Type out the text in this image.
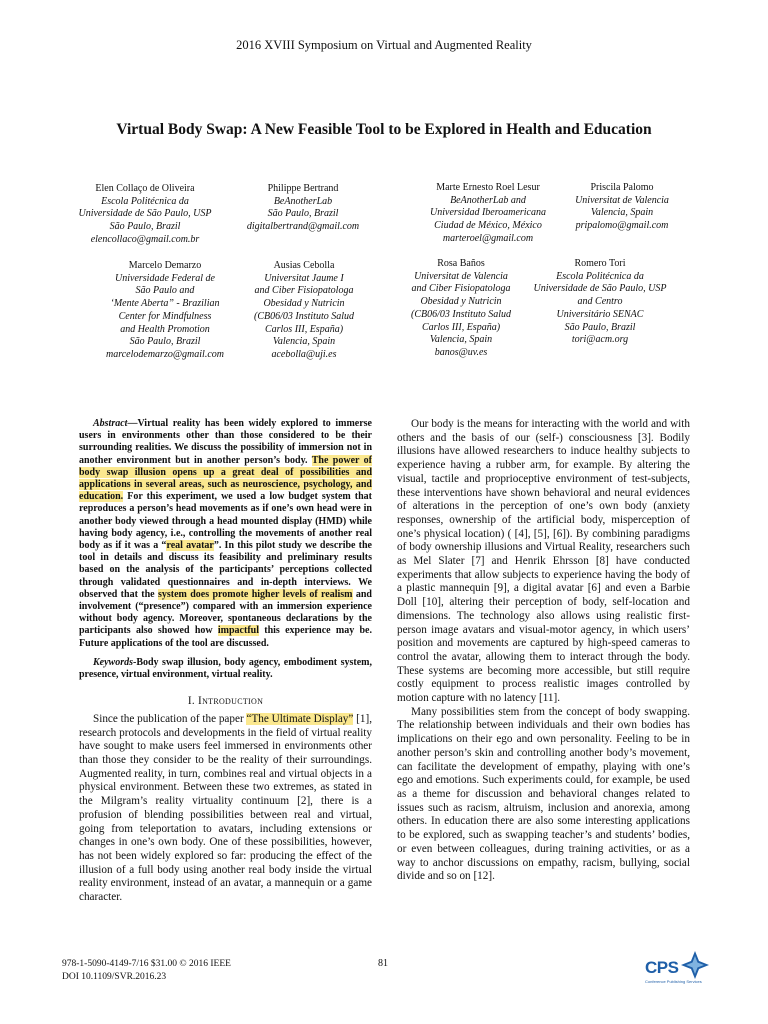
2016 XVIII Symposium on Virtual and Augmented Reality
Virtual Body Swap: A New Feasible Tool to be Explored in Health and Education
Elen Collaço de Oliveira
Escola Politécnica da
Universidade de São Paulo, USP
São Paulo, Brazil
elencollaco@gmail.com.br
Philippe Bertrand
BeAnotherLab
São Paulo, Brazil
digitalbertrand@gmail.com
Marte Ernesto Roel Lesur
BeAnotherLab and
Universidad Iberoamericana
Ciudad de México, México
marteroel@gmail.com
Priscila Palomo
Universitat de Valencia
Valencia, Spain
pripalomo@gmail.com
Marcelo Demarzo
Universidade Federal de
São Paulo and
‘Mente Aberta” - Brazilian
Center for Mindfulness
and Health Promotion
São Paulo, Brazil
marcelodemarzo@gmail.com
Ausias Cebolla
Universitat Jaume I
and Ciber Fisiopatologa
Obesidad y Nutricin
(CB06/03 Instituto Salud
Carlos III, España)
Valencia, Spain
acebolla@uji.es
Rosa Baños
Universitat de Valencia
and Ciber Fisiopatologa
Obesidad y Nutricin
(CB06/03 Instituto Salud
Carlos III, España)
Valencia, Spain
banos@uv.es
Romero Tori
Escola Politécnica da
Universidade de São Paulo, USP
and Centro
Universitário SENAC
São Paulo, Brazil
tori@acm.org

Abstract—Virtual reality has been widely explored to immerse users in environments other than those considered to be their surrounding realities. We discuss the possibility of immersion not in another environment but in another person’s body. The power of body swap illusion opens up a great deal of possibilities and applications in several areas, such as neuroscience, psychology, and education. For this experiment, we used a low budget system that reproduces a person’s head movements as if one’s own head were in another body viewed through a head mounted display (HMD) while having body agency, i.e., controlling the movements of another real body as if it was a “real avatar”. In this pilot study we describe the tool in details and discuss its feasibility and preliminary results based on the analysis of the participants’ perceptions collected through validated questionnaires and in-depth interviews. We observed that the system does promote higher levels of realism and involvement (“presence”) compared with an immersion experience without body agency. Moreover, spontaneous declarations by the participants also showed how impactful this experience may be. Future applications of the tool are discussed.

Keywords-Body swap illusion, body agency, embodiment system, presence, virtual environment, virtual reality.

I. Introduction

Since the publication of the paper “The Ultimate Display” [1], research protocols and developments in the field of virtual reality have sought to make users feel immersed in environments other than those they consider to be the reality of their surroundings. Augmented reality, in turn, combines real and virtual objects in a physical environment. Between these two extremes, as stated in the Milgram’s reality virtuality continuum [2], there is a profusion of blending possibilities between real and virtual, going from teleportation to avatars, including extensions or changes in one’s own body. One of these possibilities, however, has not been widely explored so far: producing the effect of the illusion of a full body using another real body inside the virtual reality environment, instead of an avatar, a mannequin or a game character.

Our body is the means for interacting with the world and with others and the basis of our (self-) consciousness [3]. Bodily illusions have allowed researchers to induce healthy subjects to experience having a rubber arm, for example. By altering the visual, tactile and proprioceptive environment of test-subjects, these interventions have shown behavioral and neural evidences of alterations in the perception of one’s own body (anxiety responses, ownership of the artificial body, misperception of one’s physical location) ( [4], [5], [6]). By combining paradigms of body ownership illusions and Virtual Reality, researchers such as Mel Slater [7] and Henrik Ehrsson [8] have conducted experiments that allow subjects to experience having the body of a plastic mannequin [9], a digital avatar [6] and even a Barbie Doll [10], altering their perception of body, self-location and dimensions. The technology also allows using realistic first-person image avatars and visual-motor agency, in which users’ position and movements are captured by high-speed cameras to control the avatar, allowing them to interact through the body. These systems are becoming more accessible, but still require costly equipment to process realistic images controlled by motion capture with no latency [11].

Many possibilities stem from the concept of body swapping. The relationship between individuals and their own bodies has implications on their ego and own personality. Feeling to be in another person’s skin and controlling another body’s movement, can facilitate the development of empathy, playing with one’s ego and emotions. Such experiments could, for example, be used as a theme for discussion and behavioral changes related to issues such as racism, altruism, inclusion and anorexia, among others. In education there are also some interesting applications to be explored, such as swapping teacher’s and students’ bodies, or even between colleagues, during training activities, or as a way to anchor discussions on empathy, racism, bullying, social divide and so on [12].

978-1-5090-4149-7/16 $31.00 © 2016 IEEE
DOI 10.1109/SVR.2016.23
81	CPS
Conference Publishing Services
